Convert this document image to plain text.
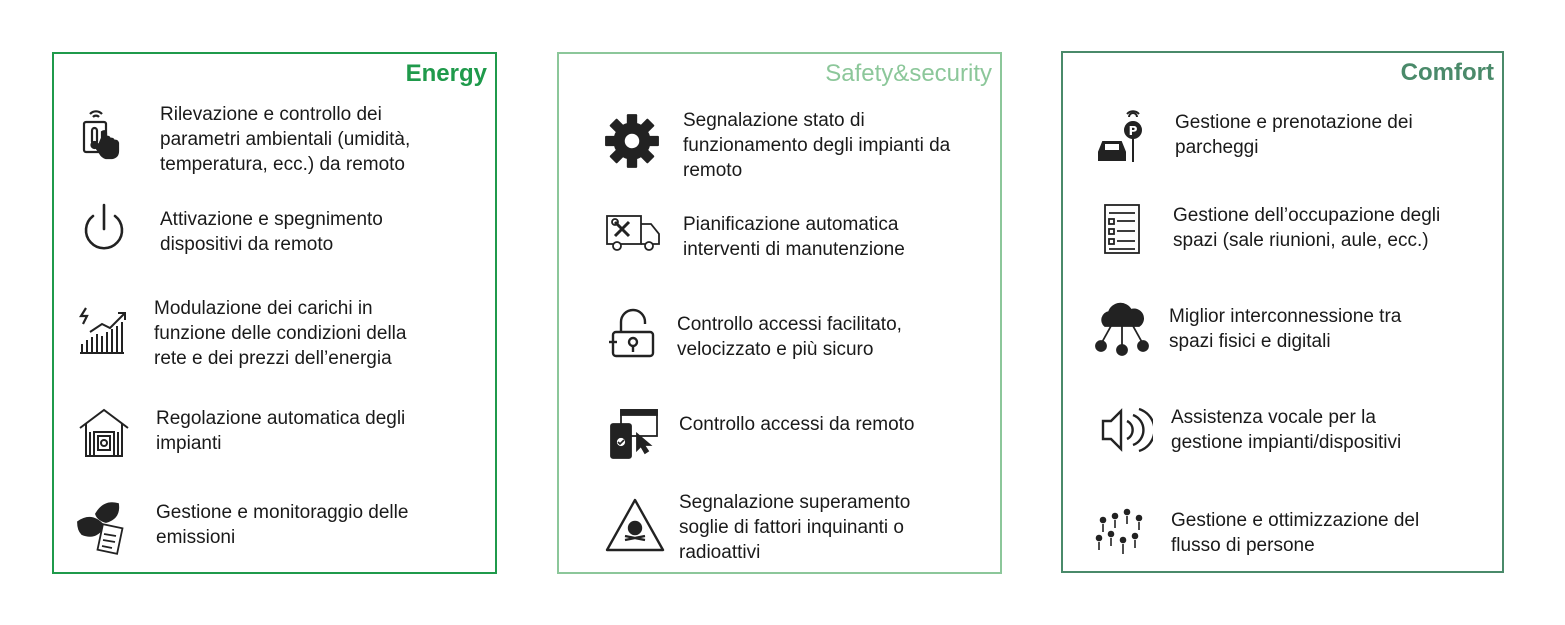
Energy
Rilevazione e controllo dei
parametri ambientali (umidità,
temperatura, ecc.) da remoto
Attivazione e spegnimento
dispositivi da remoto
Modulazione dei carichi in
funzione delle condizioni della
rete e dei prezzi dell’energia
Regolazione automatica degli
impianti
Gestione e monitoraggio delle
emissioni
Safety&security
Segnalazione stato di
funzionamento degli impianti da
remoto
Pianificazione automatica
interventi di manutenzione
Controllo accessi facilitato,
velocizzato e più sicuro
Controllo accessi da remoto
Segnalazione superamento
soglie di fattori inquinanti o
radioattivi
Comfort
P Gestione e prenotazione dei
parcheggi
Gestione dell’occupazione degli
spazi (sale riunioni, aule, ecc.)
Miglior interconnessione tra
spazi fisici e digitali
Assistenza vocale per la
gestione impianti/dispositivi
Gestione e ottimizzazione del
flusso di persone
